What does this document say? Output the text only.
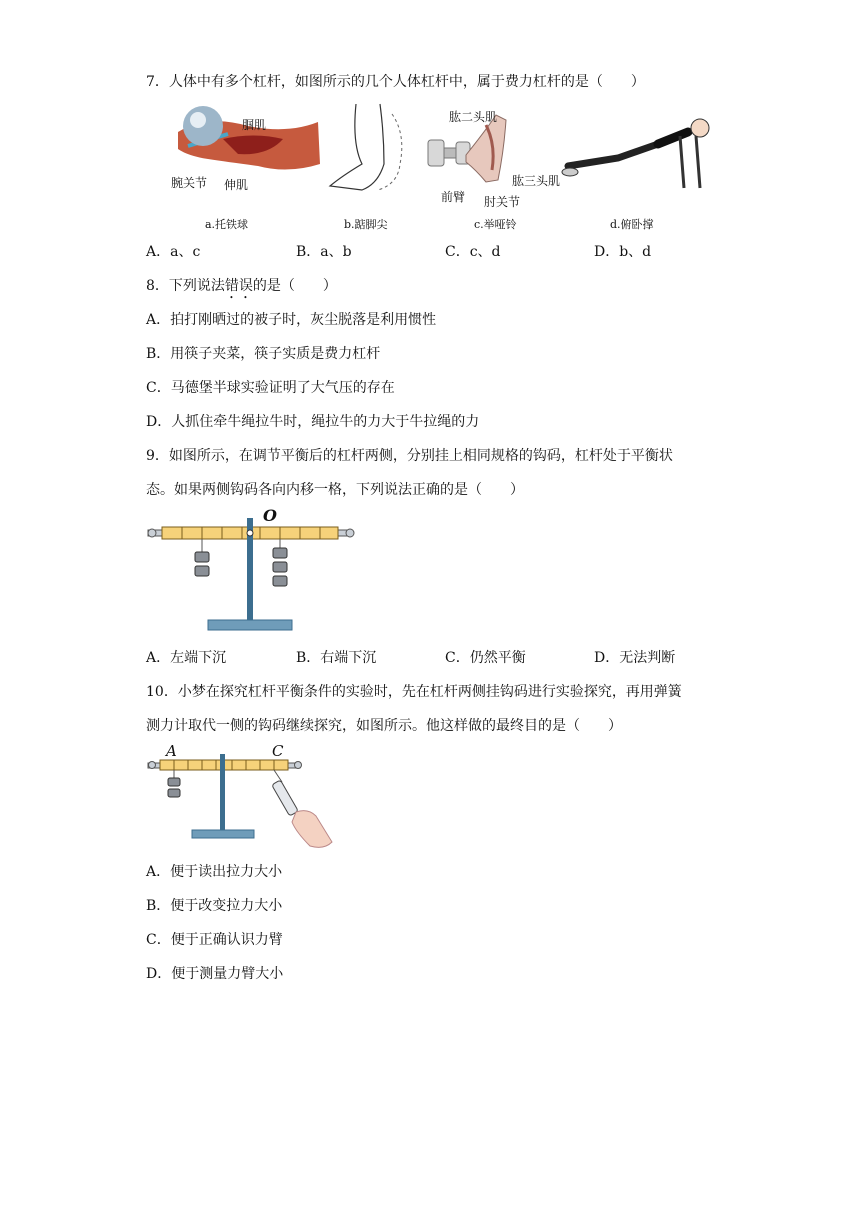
7．人体中有多个杠杆，如图所示的几个人体杠杆中，属于费力杠杆的是（　　）
腘肌
腕关节 伸肌
a.托铁球	b.踮脚尖
肱二头肌
肱三头肌
前臂 肘关节
c.举哑铃	d.俯卧撑
A．a、c	B．a、b	C．c、d	D．b、d
8．下列说法错误的是（　　）
A．拍打刚晒过的被子时，灰尘脱落是利用惯性
B．用筷子夹菜，筷子实质是费力杠杆
C．马德堡半球实验证明了大气压的存在
D．人抓住牵牛绳拉牛时，绳拉牛的力大于牛拉绳的力
9．如图所示，在调节平衡后的杠杆两侧，分别挂上相同规格的钩码，杠杆处于平衡状
态。如果两侧钩码各向内移一格，下列说法正确的是（　　）
O
A．左端下沉	B．右端下沉	C．仍然平衡	D．无法判断
10．小梦在探究杠杆平衡条件的实验时，先在杠杆两侧挂钩码进行实验探究，再用弹簧
测力计取代一侧的钩码继续探究，如图所示。他这样做的最终目的是（　　）
A	C
A．便于读出拉力大小
B．便于改变拉力大小
C．便于正确认识力臂
D．便于测量力臂大小
